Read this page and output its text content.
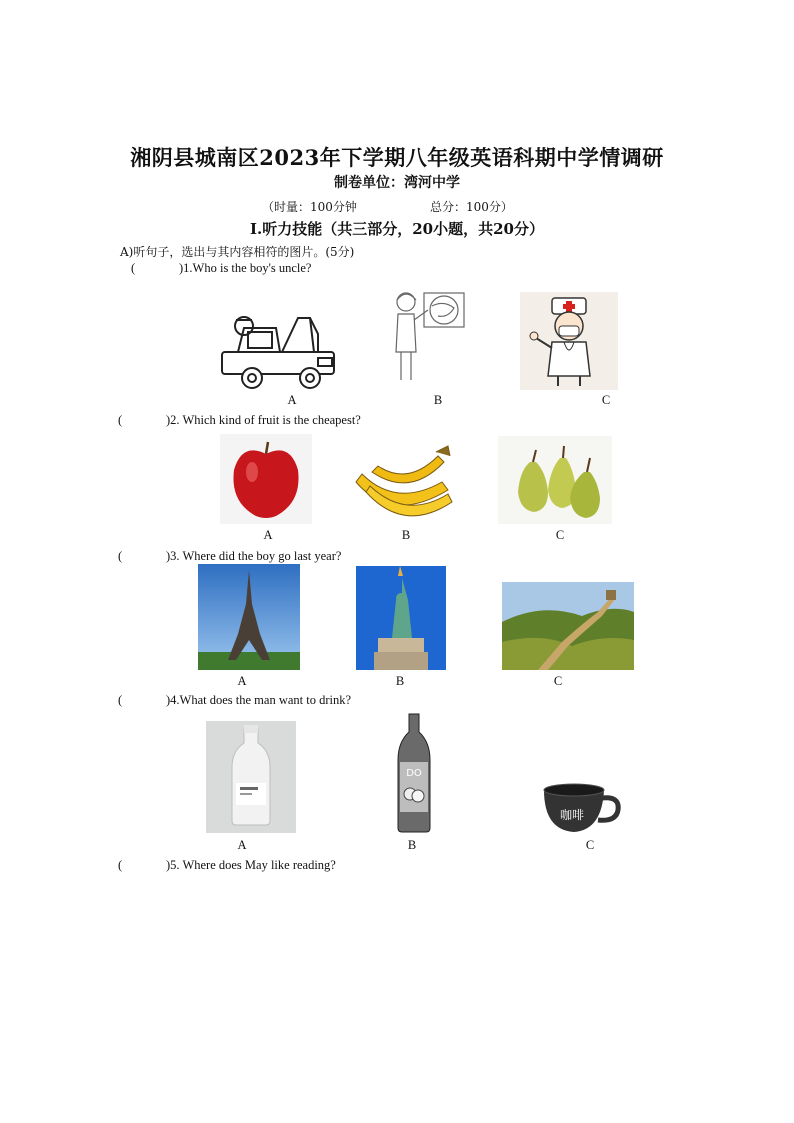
湘阴县城南区2023年下学期八年级英语科期中学情调研
制卷单位：湾河中学
（时量：100分钟	总分：100分）
I.听力技能（共三部分，20小题，共20分）
A)听句子，选出与其内容相符的图片。(5分)
(	)1.Who is the boy's uncle?
A	B	C
(	)2. Which kind of fruit is the cheapest?
A	B	C
(	)3. Where did the boy go last year?
A	B	C
(	)4.What does the man want to drink?
DO
咖啡
A	B	C
(	)5. Where does May like reading?
